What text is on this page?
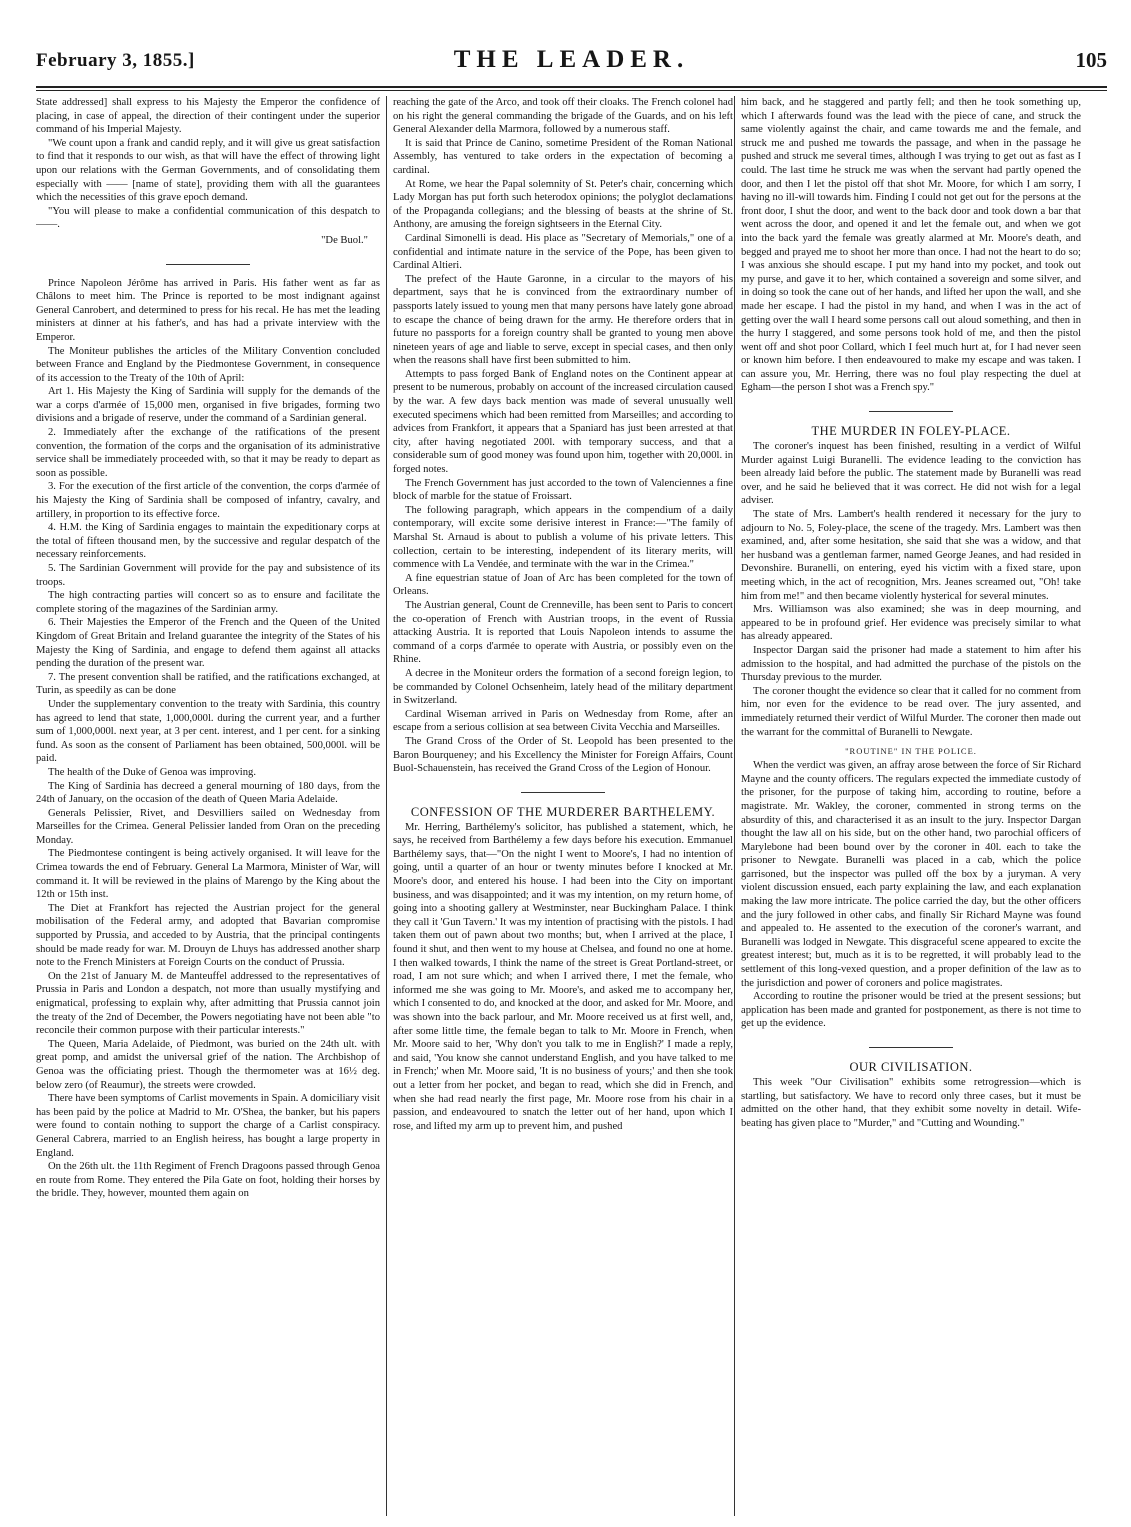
February 3, 1855.]	THE LEADER.	105

State addressed] shall express to his Majesty the Emperor the confidence of placing, in case of appeal, the direction of their contingent under the superior command of his Imperial Majesty.

"We count upon a frank and candid reply, and it will give us great satisfaction to find that it responds to our wish, as that will have the effect of throwing light upon our relations with the German Governments, and of consolidating them especially with —— [name of state], providing them with all the guarantees which the necessities of this grave epoch demand.

"You will please to make a confidential communication of this despatch to ——.

"De Buol."

Prince Napoleon Jérôme has arrived in Paris. His father went as far as Châlons to meet him. The Prince is reported to be most indignant against General Canrobert, and determined to press for his recal. He has met the leading ministers at dinner at his father's, and has had a private interview with the Emperor.

The Moniteur publishes the articles of the Military Convention concluded between France and England by the Piedmontese Government, in consequence of its accession to the Treaty of the 10th of April:

Art 1. His Majesty the King of Sardinia will supply for the demands of the war a corps d'armée of 15,000 men, organised in five brigades, forming two divisions and a brigade of reserve, under the command of a Sardinian general.

2. Immediately after the exchange of the ratifications of the present convention, the formation of the corps and the organisation of its administrative service shall be immediately proceeded with, so that it may be ready to depart as soon as possible.

3. For the execution of the first article of the convention, the corps d'armée of his Majesty the King of Sardinia shall be composed of infantry, cavalry, and artillery, in proportion to its effective force.

4. H.M. the King of Sardinia engages to maintain the expeditionary corps at the total of fifteen thousand men, by the successive and regular despatch of the necessary reinforcements.

5. The Sardinian Government will provide for the pay and subsistence of its troops.

The high contracting parties will concert so as to ensure and facilitate the complete storing of the magazines of the Sardinian army.

6. Their Majesties the Emperor of the French and the Queen of the United Kingdom of Great Britain and Ireland guarantee the integrity of the States of his Majesty the King of Sardinia, and engage to defend them against all attacks pending the duration of the present war.

7. The present convention shall be ratified, and the ratifications exchanged, at Turin, as speedily as can be done

Under the supplementary convention to the treaty with Sardinia, this country has agreed to lend that state, 1,000,000l. during the current year, and a further sum of 1,000,000l. next year, at 3 per cent. interest, and 1 per cent. for a sinking fund. As soon as the consent of Parliament has been obtained, 500,000l. will be paid.

The health of the Duke of Genoa was improving.

The King of Sardinia has decreed a general mourning of 180 days, from the 24th of January, on the occasion of the death of Queen Maria Adelaide.

Generals Pelissier, Rivet, and Desvilliers sailed on Wednesday from Marseilles for the Crimea. General Pelissier landed from Oran on the preceding Monday.

The Piedmontese contingent is being actively organised. It will leave for the Crimea towards the end of February. General La Marmora, Minister of War, will command it. It will be reviewed in the plains of Marengo by the King about the 12th or 15th inst.

The Diet at Frankfort has rejected the Austrian project for the general mobilisation of the Federal army, and adopted that Bavarian compromise supported by Prussia, and acceded to by Austria, that the principal contingents should be made ready for war. M. Drouyn de Lhuys has addressed another sharp note to the French Ministers at Foreign Courts on the conduct of Prussia.

On the 21st of January M. de Manteuffel addressed to the representatives of Prussia in Paris and London a despatch, not more than usually mystifying and enigmatical, professing to explain why, after admitting that Prussia cannot join the treaty of the 2nd of December, the Powers negotiating have not been able "to reconcile their common purpose with their particular interests."

The Queen, Maria Adelaide, of Piedmont, was buried on the 24th ult. with great pomp, and amidst the universal grief of the nation. The Archbishop of Genoa was the officiating priest. Though the thermometer was at 16½ deg. below zero (of Reaumur), the streets were crowded.

There have been symptoms of Carlist movements in Spain. A domiciliary visit has been paid by the police at Madrid to Mr. O'Shea, the banker, but his papers were found to contain nothing to support the charge of a Carlist conspiracy. General Cabrera, married to an English heiress, has bought a large property in England.

On the 26th ult. the 11th Regiment of French Dragoons passed through Genoa en route from Rome. They entered the Pila Gate on foot, holding their horses by the bridle. They, however, mounted them again on

reaching the gate of the Arco, and took off their cloaks. The French colonel had on his right the general commanding the brigade of the Guards, and on his left General Alexander della Marmora, followed by a numerous staff.

It is said that Prince de Canino, sometime President of the Roman National Assembly, has ventured to take orders in the expectation of becoming a cardinal.

At Rome, we hear the Papal solemnity of St. Peter's chair, concerning which Lady Morgan has put forth such heterodox opinions; the polyglot declamations of the Propaganda collegians; and the blessing of beasts at the shrine of St. Anthony, are amusing the foreign sightseers in the Eternal City.

Cardinal Simonelli is dead. His place as "Secretary of Memorials," one of a confidential and intimate nature in the service of the Pope, has been given to Cardinal Altieri.

The prefect of the Haute Garonne, in a circular to the mayors of his department, says that he is convinced from the extraordinary number of passports lately issued to young men that many persons have lately gone abroad to escape the chance of being drawn for the army. He therefore orders that in future no passports for a foreign country shall be granted to young men above nineteen years of age and liable to serve, except in special cases, and then only when the reasons shall have first been submitted to him.

Attempts to pass forged Bank of England notes on the Continent appear at present to be numerous, probably on account of the increased circulation caused by the war. A few days back mention was made of several unusually well executed specimens which had been remitted from Marseilles; and according to advices from Frankfort, it appears that a Spaniard has just been arrested at that city, after having negotiated 200l. with temporary success, and that a considerable sum of good money was found upon him, together with 20,000l. in forged notes.

The French Government has just accorded to the town of Valenciennes a fine block of marble for the statue of Froissart.

The following paragraph, which appears in the compendium of a daily contemporary, will excite some derisive interest in France:—"The family of Marshal St. Arnaud is about to publish a volume of his private letters. This collection, certain to be interesting, independent of its literary merits, will commence with La Vendée, and terminate with the war in the Crimea."

A fine equestrian statue of Joan of Arc has been completed for the town of Orleans.

The Austrian general, Count de Crenneville, has been sent to Paris to concert the co-operation of French with Austrian troops, in the event of Russia attacking Austria. It is reported that Louis Napoleon intends to assume the command of a corps d'armée to operate with Austria, or possibly even on the Rhine.

A decree in the Moniteur orders the formation of a second foreign legion, to be commanded by Colonel Ochsenheim, lately head of the military department in Switzerland.

Cardinal Wiseman arrived in Paris on Wednesday from Rome, after an escape from a serious collision at sea between Civita Vecchia and Marseilles.

The Grand Cross of the Order of St. Leopold has been presented to the Baron Bourqueney; and his Excellency the Minister for Foreign Affairs, Count Buol-Schauenstein, has received the Grand Cross of the Legion of Honour.

CONFESSION OF THE MURDERER BARTHELEMY.

Mr. Herring, Barthélemy's solicitor, has published a statement, which, he says, he received from Barthélemy a few days before his execution. Emmanuel Barthélemy says, that—"On the night I went to Moore's, I had no intention of going, until a quarter of an hour or twenty minutes before I knocked at Mr. Moore's door, and entered his house. I had been into the City on important business, and was disappointed; and it was my intention, on my return home, of going into a shooting gallery at Westminster, near Buckingham Palace. I think they call it 'Gun Tavern.' It was my intention of practising with the pistols. I had taken them out of pawn about two months; but, when I arrived at the place, I found it shut, and then went to my house at Chelsea, and found no one at home. I then walked towards, I think the name of the street is Great Portland-street, or road, I am not sure which; and when I arrived there, I met the female, who informed me she was going to Mr. Moore's, and asked me to accompany her, which I consented to do, and knocked at the door, and asked for Mr. Moore, and was shown into the back parlour, and Mr. Moore received us at first well, and, after some little time, the female began to talk to Mr. Moore in French, when Mr. Moore said to her, 'Why don't you talk to me in English?' I made a reply, and said, 'You know she cannot understand English, and you have talked to me in French;' when Mr. Moore said, 'It is no business of yours;' and then she took out a letter from her pocket, and began to read, which she did in French, and when she had read nearly the first page, Mr. Moore rose from his chair in a passion, and endeavoured to snatch the letter out of her hand, upon which I rose, and lifted my arm up to prevent him, and pushed

him back, and he staggered and partly fell; and then he took something up, which I afterwards found was the lead with the piece of cane, and struck the same violently against the chair, and came towards me and the female, and struck me and pushed me towards the passage, and when in the passage he pushed and struck me several times, although I was trying to get out as fast as I could. The last time he struck me was when the servant had partly opened the door, and then I let the pistol off that shot Mr. Moore, for which I am sorry, I having no ill-will towards him. Finding I could not get out for the persons at the front door, I shut the door, and went to the back door and took down a bar that went across the door, and opened it and let the female out, and when we got into the back yard the female was greatly alarmed at Mr. Moore's death, and begged and prayed me to shoot her more than once. I had not the heart to do so; I was anxious she should escape. I put my hand into my pocket, and took out my purse, and gave it to her, which contained a sovereign and some silver, and in doing so took the cane out of her hands, and lifted her upon the wall, and she made her escape. I had the pistol in my hand, and when I was in the act of getting over the wall I heard some persons call out aloud something, and then in the hurry I staggered, and some persons took hold of me, and then the pistol went off and shot poor Collard, which I feel much hurt at, for I had never seen or known him before. I then endeavoured to make my escape and was taken. I can assure you, Mr. Herring, there was no foul play respecting the duel at Egham—the person I shot was a French spy."

THE MURDER IN FOLEY-PLACE.

The coroner's inquest has been finished, resulting in a verdict of Wilful Murder against Luigi Buranelli. The evidence leading to the conviction has been already laid before the public. The statement made by Buranelli was read over, and he said he believed that it was correct. He did not wish for a legal adviser.

The state of Mrs. Lambert's health rendered it necessary for the jury to adjourn to No. 5, Foley-place, the scene of the tragedy. Mrs. Lambert was then examined, and, after some hesitation, she said that she was a widow, and that her husband was a gentleman farmer, named George Jeanes, and had resided in Devonshire. Buranelli, on entering, eyed his victim with a fixed stare, upon meeting which, in the act of recognition, Mrs. Jeanes screamed out, "Oh! take him from me!" and then became violently hysterical for several minutes.

Mrs. Williamson was also examined; she was in deep mourning, and appeared to be in profound grief. Her evidence was precisely similar to what has already appeared.

Inspector Dargan said the prisoner had made a statement to him after his admission to the hospital, and had admitted the purchase of the pistols on the Thursday previous to the murder.

The coroner thought the evidence so clear that it called for no comment from him, nor even for the evidence to be read over. The jury assented, and immediately returned their verdict of Wilful Murder. The coroner then made out the warrant for the committal of Buranelli to Newgate.

"ROUTINE" IN THE POLICE.

When the verdict was given, an affray arose between the force of Sir Richard Mayne and the county officers. The regulars expected the immediate custody of the prisoner, for the purpose of taking him, according to routine, before a magistrate. Mr. Wakley, the coroner, commented in strong terms on the absurdity of this, and characterised it as an insult to the jury. Inspector Dargan thought the law all on his side, but on the other hand, two parochial officers of Marylebone had been bound over by the coroner in 40l. each to take the prisoner to Newgate. Buranelli was placed in a cab, which the police garrisoned, but the inspector was pulled off the box by a juryman. A very violent discussion ensued, each party explaining the law, and each explanation making the law more intricate. The police carried the day, but the other officers and the jury followed in other cabs, and finally Sir Richard Mayne was found and appealed to. He assented to the execution of the coroner's warrant, and Buranelli was lodged in Newgate. This disgraceful scene appeared to excite the greatest interest; but, much as it is to be regretted, it will probably lead to the settlement of this long-vexed question, and a proper definition of the law as to the jurisdiction and power of coroners and police magistrates.

According to routine the prisoner would be tried at the present sessions; but application has been made and granted for postponement, as there is not time to get up the evidence.

OUR CIVILISATION.

This week "Our Civilisation" exhibits some retrogression—which is startling, but satisfactory. We have to record only three cases, but it must be admitted on the other hand, that they exhibit some novelty in detail. Wife-beating has given place to "Murder," and "Cutting and Wounding."
